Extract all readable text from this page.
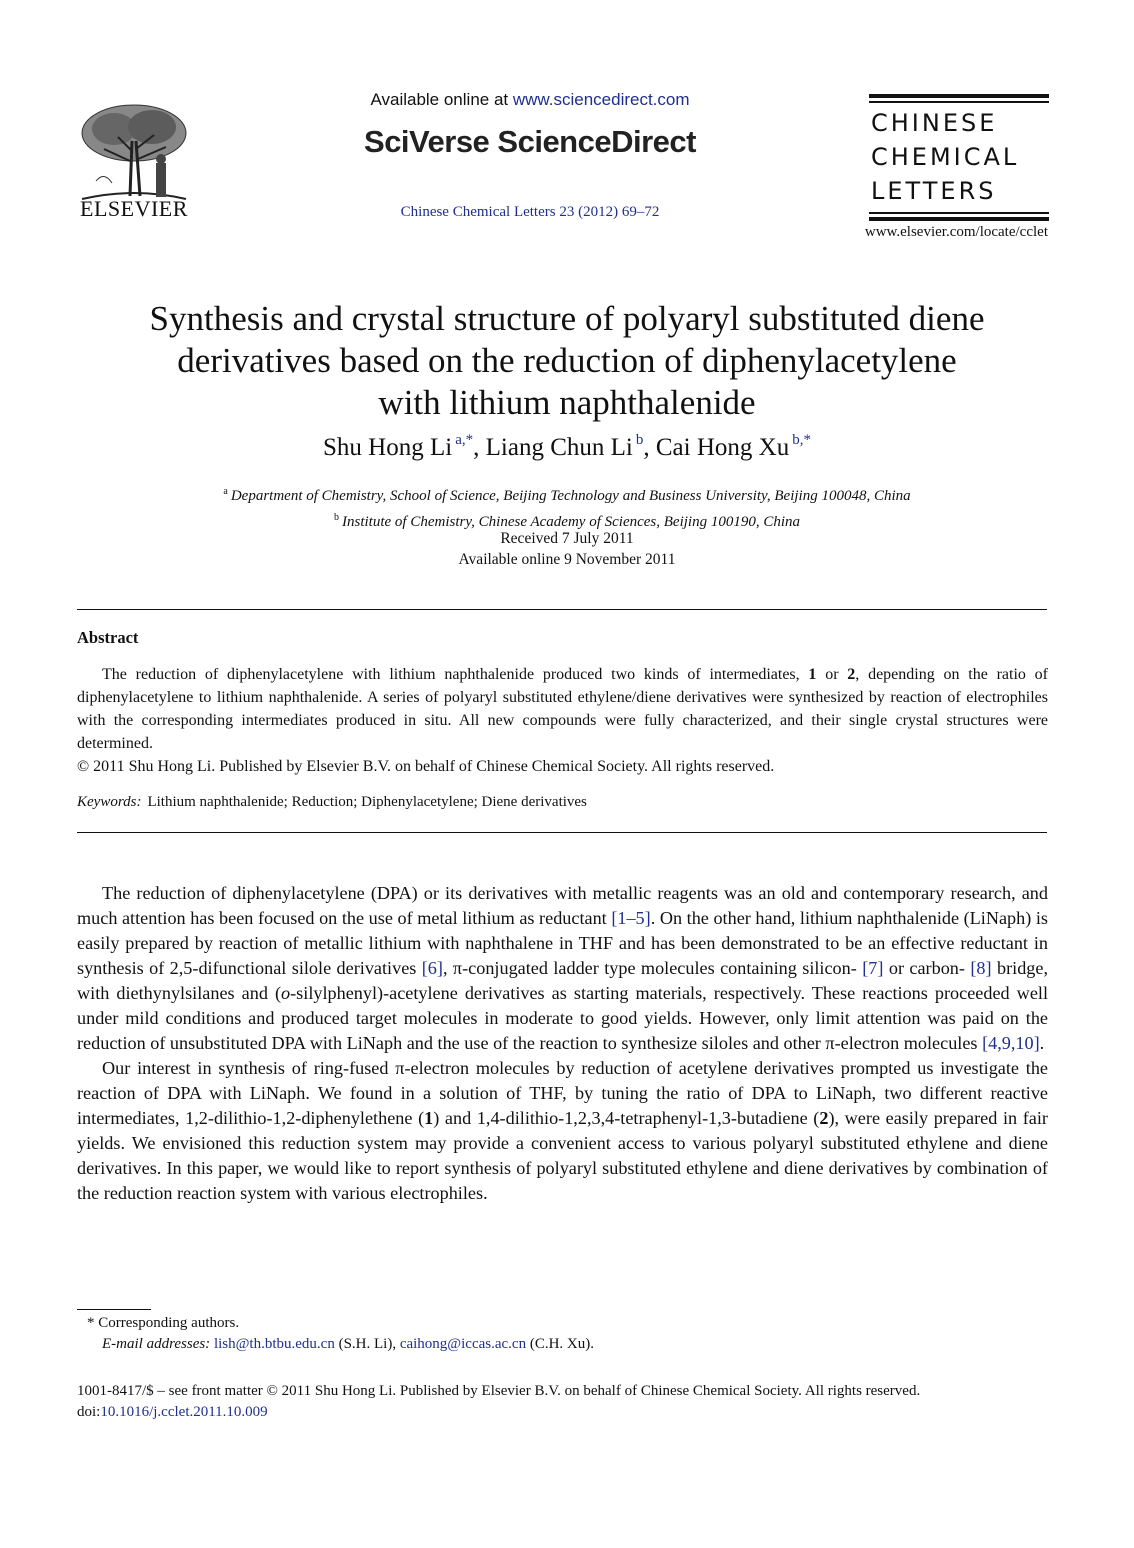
ELSEVIER
Available online at www.sciencedirect.com
SciVerse ScienceDirect
Chinese Chemical Letters 23 (2012) 69–72
CHINESE
CHEMICAL
LETTERS
www.elsevier.com/locate/cclet
Synthesis and crystal structure of polyaryl substituted diene
derivatives based on the reduction of diphenylacetylene
with lithium naphthalenide
Shu Hong Li  $^{a,*}$, Liang Chun Li  $^b$, Cai Hong Xu  $^{b,*}$
$^a$  Department of Chemistry, School of Science, Beijing Technology and Business University, Beijing 100048, China
$^b$  Institute of Chemistry, Chinese Academy of Sciences, Beijing 100190, China
Received 7 July 2011
Available online 9 November 2011
Abstract

The reduction of diphenylacetylene with lithium naphthalenide produced two kinds of intermediates, 1 or 2, depending on the ratio of diphenylacetylene to lithium naphthalenide. A series of polyaryl substituted ethylene/diene derivatives were synthesized by reaction of electrophiles with the corresponding intermediates produced in situ. All new compounds were fully characterized, and their single crystal structures were determined.

© 2011 Shu Hong Li. Published by Elsevier B.V. on behalf of Chinese Chemical Society. All rights reserved.

Keywords: Lithium naphthalenide; Reduction; Diphenylacetylene; Diene derivatives

The reduction of diphenylacetylene (DPA) or its derivatives with metallic reagents was an old and contemporary research, and much attention has been focused on the use of metal lithium as reductant [1–5]. On the other hand, lithium naphthalenide (LiNaph) is easily prepared by reaction of metallic lithium with naphthalene in THF and has been demonstrated to be an effective reductant in synthesis of 2,5-difunctional silole derivatives [6], π-conjugated ladder type molecules containing silicon- [7] or carbon- [8] bridge, with diethynylsilanes and (o-silylphenyl)-acetylene derivatives as starting materials, respectively. These reactions proceeded well under mild conditions and produced target molecules in moderate to good yields. However, only limit attention was paid on the reduction of unsubstituted DPA with LiNaph and the use of the reaction to synthesize siloles and other π-electron molecules [4,9,10].

Our interest in synthesis of ring-fused π-electron molecules by reduction of acetylene derivatives prompted us investigate the reaction of DPA with LiNaph. We found in a solution of THF, by tuning the ratio of DPA to LiNaph, two different reactive intermediates, 1,2-dilithio-1,2-diphenylethene (1) and 1,4-dilithio-1,2,3,4-tetraphenyl-1,3-butadiene (2), were easily prepared in fair yields. We envisioned this reduction system may provide a convenient access to various polyaryl substituted ethylene and diene derivatives. In this paper, we would like to report synthesis of polyaryl substituted ethylene and diene derivatives by combination of the reduction reaction system with various electrophiles.

* Corresponding authors.
E-mail addresses: lish@th.btbu.edu.cn (S.H. Li), caihong@iccas.ac.cn (C.H. Xu).
1001-8417/$ – see front matter © 2011 Shu Hong Li. Published by Elsevier B.V. on behalf of Chinese Chemical Society. All rights reserved.
doi:10.1016/j.cclet.2011.10.009
